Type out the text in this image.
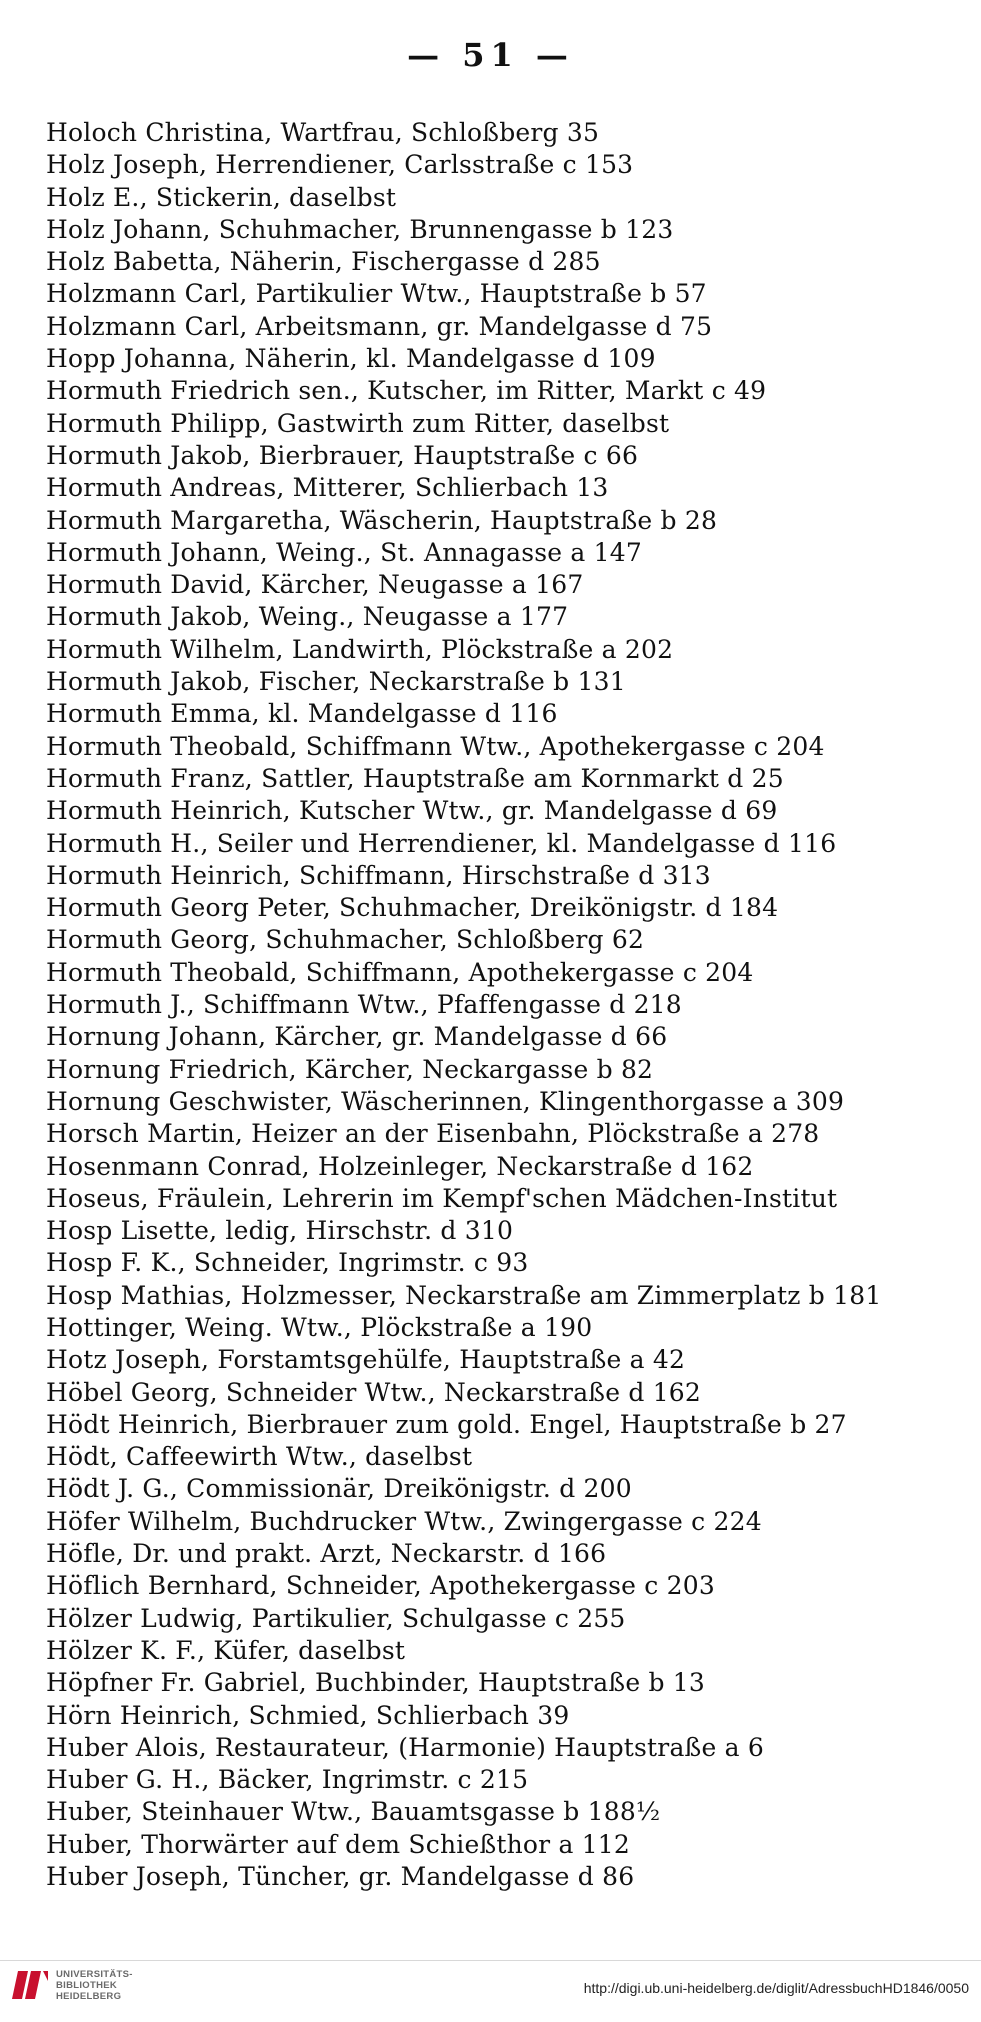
— 51 —
Holoch Christina, Wartfrau, Schloßberg 35
Holz Joseph, Herrendiener, Carlsstraße c 153
Holz E., Stickerin, daselbst
Holz Johann, Schuhmacher, Brunnengasse b 123
Holz Babetta, Näherin, Fischergasse d 285
Holzmann Carl, Partikulier Wtw., Hauptstraße b 57
Holzmann Carl, Arbeitsmann, gr. Mandelgasse d 75
Hopp Johanna, Näherin, kl. Mandelgasse d 109
Hormuth Friedrich sen., Kutscher, im Ritter, Markt c 49
Hormuth Philipp, Gastwirth zum Ritter, daselbst
Hormuth Jakob, Bierbrauer, Hauptstraße c 66
Hormuth Andreas, Mitterer, Schlierbach 13
Hormuth Margaretha, Wäscherin, Hauptstraße b 28
Hormuth Johann, Weing., St. Annagasse a 147
Hormuth David, Kärcher, Neugasse a 167
Hormuth Jakob, Weing., Neugasse a 177
Hormuth Wilhelm, Landwirth, Plöckstraße a 202
Hormuth Jakob, Fischer, Neckarstraße b 131
Hormuth Emma, kl. Mandelgasse d 116
Hormuth Theobald, Schiffmann Wtw., Apothekergasse c 204
Hormuth Franz, Sattler, Hauptstraße am Kornmarkt d 25
Hormuth Heinrich, Kutscher Wtw., gr. Mandelgasse d 69
Hormuth H., Seiler und Herrendiener, kl. Mandelgasse d 116
Hormuth Heinrich, Schiffmann, Hirschstraße d 313
Hormuth Georg Peter, Schuhmacher, Dreikönigstr. d 184
Hormuth Georg, Schuhmacher, Schloßberg 62
Hormuth Theobald, Schiffmann, Apothekergasse c 204
Hormuth J., Schiffmann Wtw., Pfaffengasse d 218
Hornung Johann, Kärcher, gr. Mandelgasse d 66
Hornung Friedrich, Kärcher, Neckargasse b 82
Hornung Geschwister, Wäscherinnen, Klingenthorgasse a 309
Horsch Martin, Heizer an der Eisenbahn, Plöckstraße a 278
Hosenmann Conrad, Holzeinleger, Neckarstraße d 162
Hoseus, Fräulein, Lehrerin im Kempf'schen Mädchen-Institut
Hosp Lisette, ledig, Hirschstr. d 310
Hosp F. K., Schneider, Ingrimstr. c 93
Hosp Mathias, Holzmesser, Neckarstraße am Zimmerplatz b 181
Hottinger, Weing. Wtw., Plöckstraße a 190
Hotz Joseph, Forstamtsgehülfe, Hauptstraße a 42
Höbel Georg, Schneider Wtw., Neckarstraße d 162
Hödt Heinrich, Bierbrauer zum gold. Engel, Hauptstraße b 27
Hödt, Caffeewirth Wtw., daselbst
Hödt J. G., Commissionär, Dreikönigstr. d 200
Höfer Wilhelm, Buchdrucker Wtw., Zwingergasse c 224
Höfle, Dr. und prakt. Arzt, Neckarstr. d 166
Höflich Bernhard, Schneider, Apothekergasse c 203
Hölzer Ludwig, Partikulier, Schulgasse c 255
Hölzer K. F., Küfer, daselbst
Höpfner Fr. Gabriel, Buchbinder, Hauptstraße b 13
Hörn Heinrich, Schmied, Schlierbach 39
Huber Alois, Restaurateur, (Harmonie) Hauptstraße a 6
Huber G. H., Bäcker, Ingrimstr. c 215
Huber, Steinhauer Wtw., Bauamtsgasse b 188½
Huber, Thorwärter auf dem Schießthor a 112
Huber Joseph, Tüncher, gr. Mandelgasse d 86
UNIVERSITÄTS-
BIBLIOTHEK
HEIDELBERG
http://digi.ub.uni-heidelberg.de/diglit/AdressbuchHD1846/0050
